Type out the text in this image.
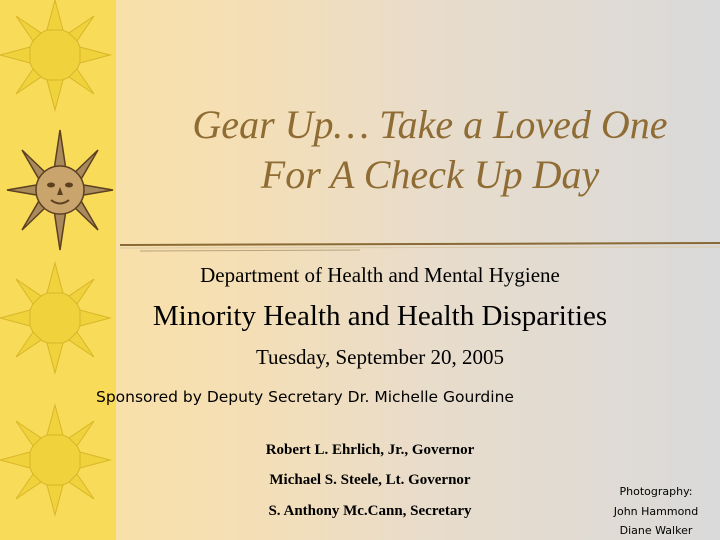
Gear Up… Take a Loved One
For A Check Up Day
Department of Health and Mental Hygiene
Minority Health and Health Disparities
Tuesday, September 20, 2005
Sponsored by Deputy Secretary Dr. Michelle Gourdine
Robert L. Ehrlich, Jr., Governor
Michael S. Steele, Lt. Governor
S. Anthony Mc.Cann, Secretary
Photography:
John Hammond
Diane Walker
